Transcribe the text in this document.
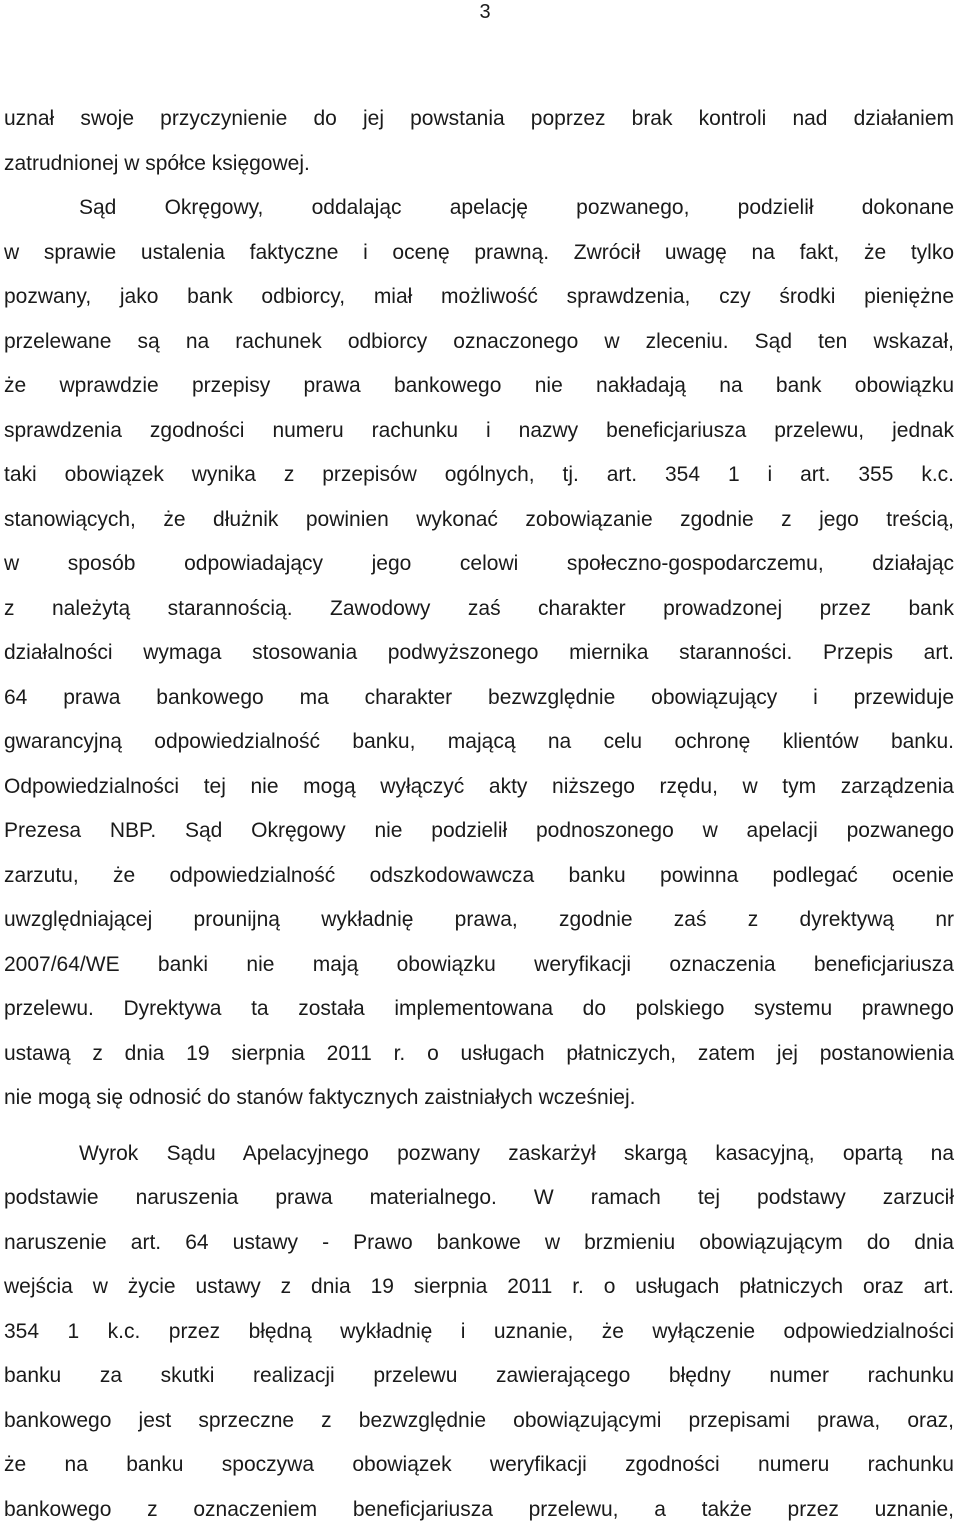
3
uznał swoje przyczynienie do jej powstania poprzez brak kontroli nad działaniem
zatrudnionej w spółce księgowej.
Sąd Okręgowy, oddalając apelację pozwanego, podzielił dokonane
w sprawie ustalenia faktyczne i ocenę prawną. Zwrócił uwagę na fakt, że tylko
pozwany, jako bank odbiorcy, miał możliwość sprawdzenia, czy środki pieniężne
przelewane są na rachunek odbiorcy oznaczonego w zleceniu. Sąd ten wskazał,
że wprawdzie przepisy prawa bankowego nie nakładają na bank obowiązku
sprawdzenia zgodności numeru rachunku i nazwy beneficjariusza przelewu, jednak
taki obowiązek wynika z przepisów ogólnych, tj. art. 354 1 i art. 355 k.c.
stanowiących, że dłużnik powinien wykonać zobowiązanie zgodnie z jego treścią,
w sposób odpowiadający jego celowi społeczno-gospodarczemu, działając
z należytą starannością. Zawodowy zaś charakter prowadzonej przez bank
działalności wymaga stosowania podwyższonego miernika staranności. Przepis art.
64 prawa bankowego ma charakter bezwzględnie obowiązujący i przewiduje
gwarancyjną odpowiedzialność banku, mającą na celu ochronę klientów banku.
Odpowiedzialności tej nie mogą wyłączyć akty niższego rzędu, w tym zarządzenia
Prezesa NBP. Sąd Okręgowy nie podzielił podnoszonego w apelacji pozwanego
zarzutu, że odpowiedzialność odszkodowawcza banku powinna podlegać ocenie
uwzględniającej prounijną wykładnię prawa, zgodnie zaś z dyrektywą nr
2007/64/WE banki nie mają obowiązku weryfikacji oznaczenia beneficjariusza
przelewu. Dyrektywa ta została implementowana do polskiego systemu prawnego
ustawą z dnia 19 sierpnia 2011 r. o usługach płatniczych, zatem jej postanowienia
nie mogą się odnosić do stanów faktycznych zaistniałych wcześniej.
Wyrok Sądu Apelacyjnego pozwany zaskarżył skargą kasacyjną, opartą na
podstawie naruszenia prawa materialnego. W ramach tej podstawy zarzucił
naruszenie art. 64 ustawy - Prawo bankowe w brzmieniu obowiązującym do dnia
wejścia w życie ustawy z dnia 19 sierpnia 2011 r. o usługach płatniczych oraz art.
354 1 k.c. przez błędną wykładnię i uznanie, że wyłączenie odpowiedzialności
banku za skutki realizacji przelewu zawierającego błędny numer rachunku
bankowego jest sprzeczne z bezwzględnie obowiązującymi przepisami prawa, oraz,
że na banku spoczywa obowiązek weryfikacji zgodności numeru rachunku
bankowego z oznaczeniem beneficjariusza przelewu, a także przez uznanie,
